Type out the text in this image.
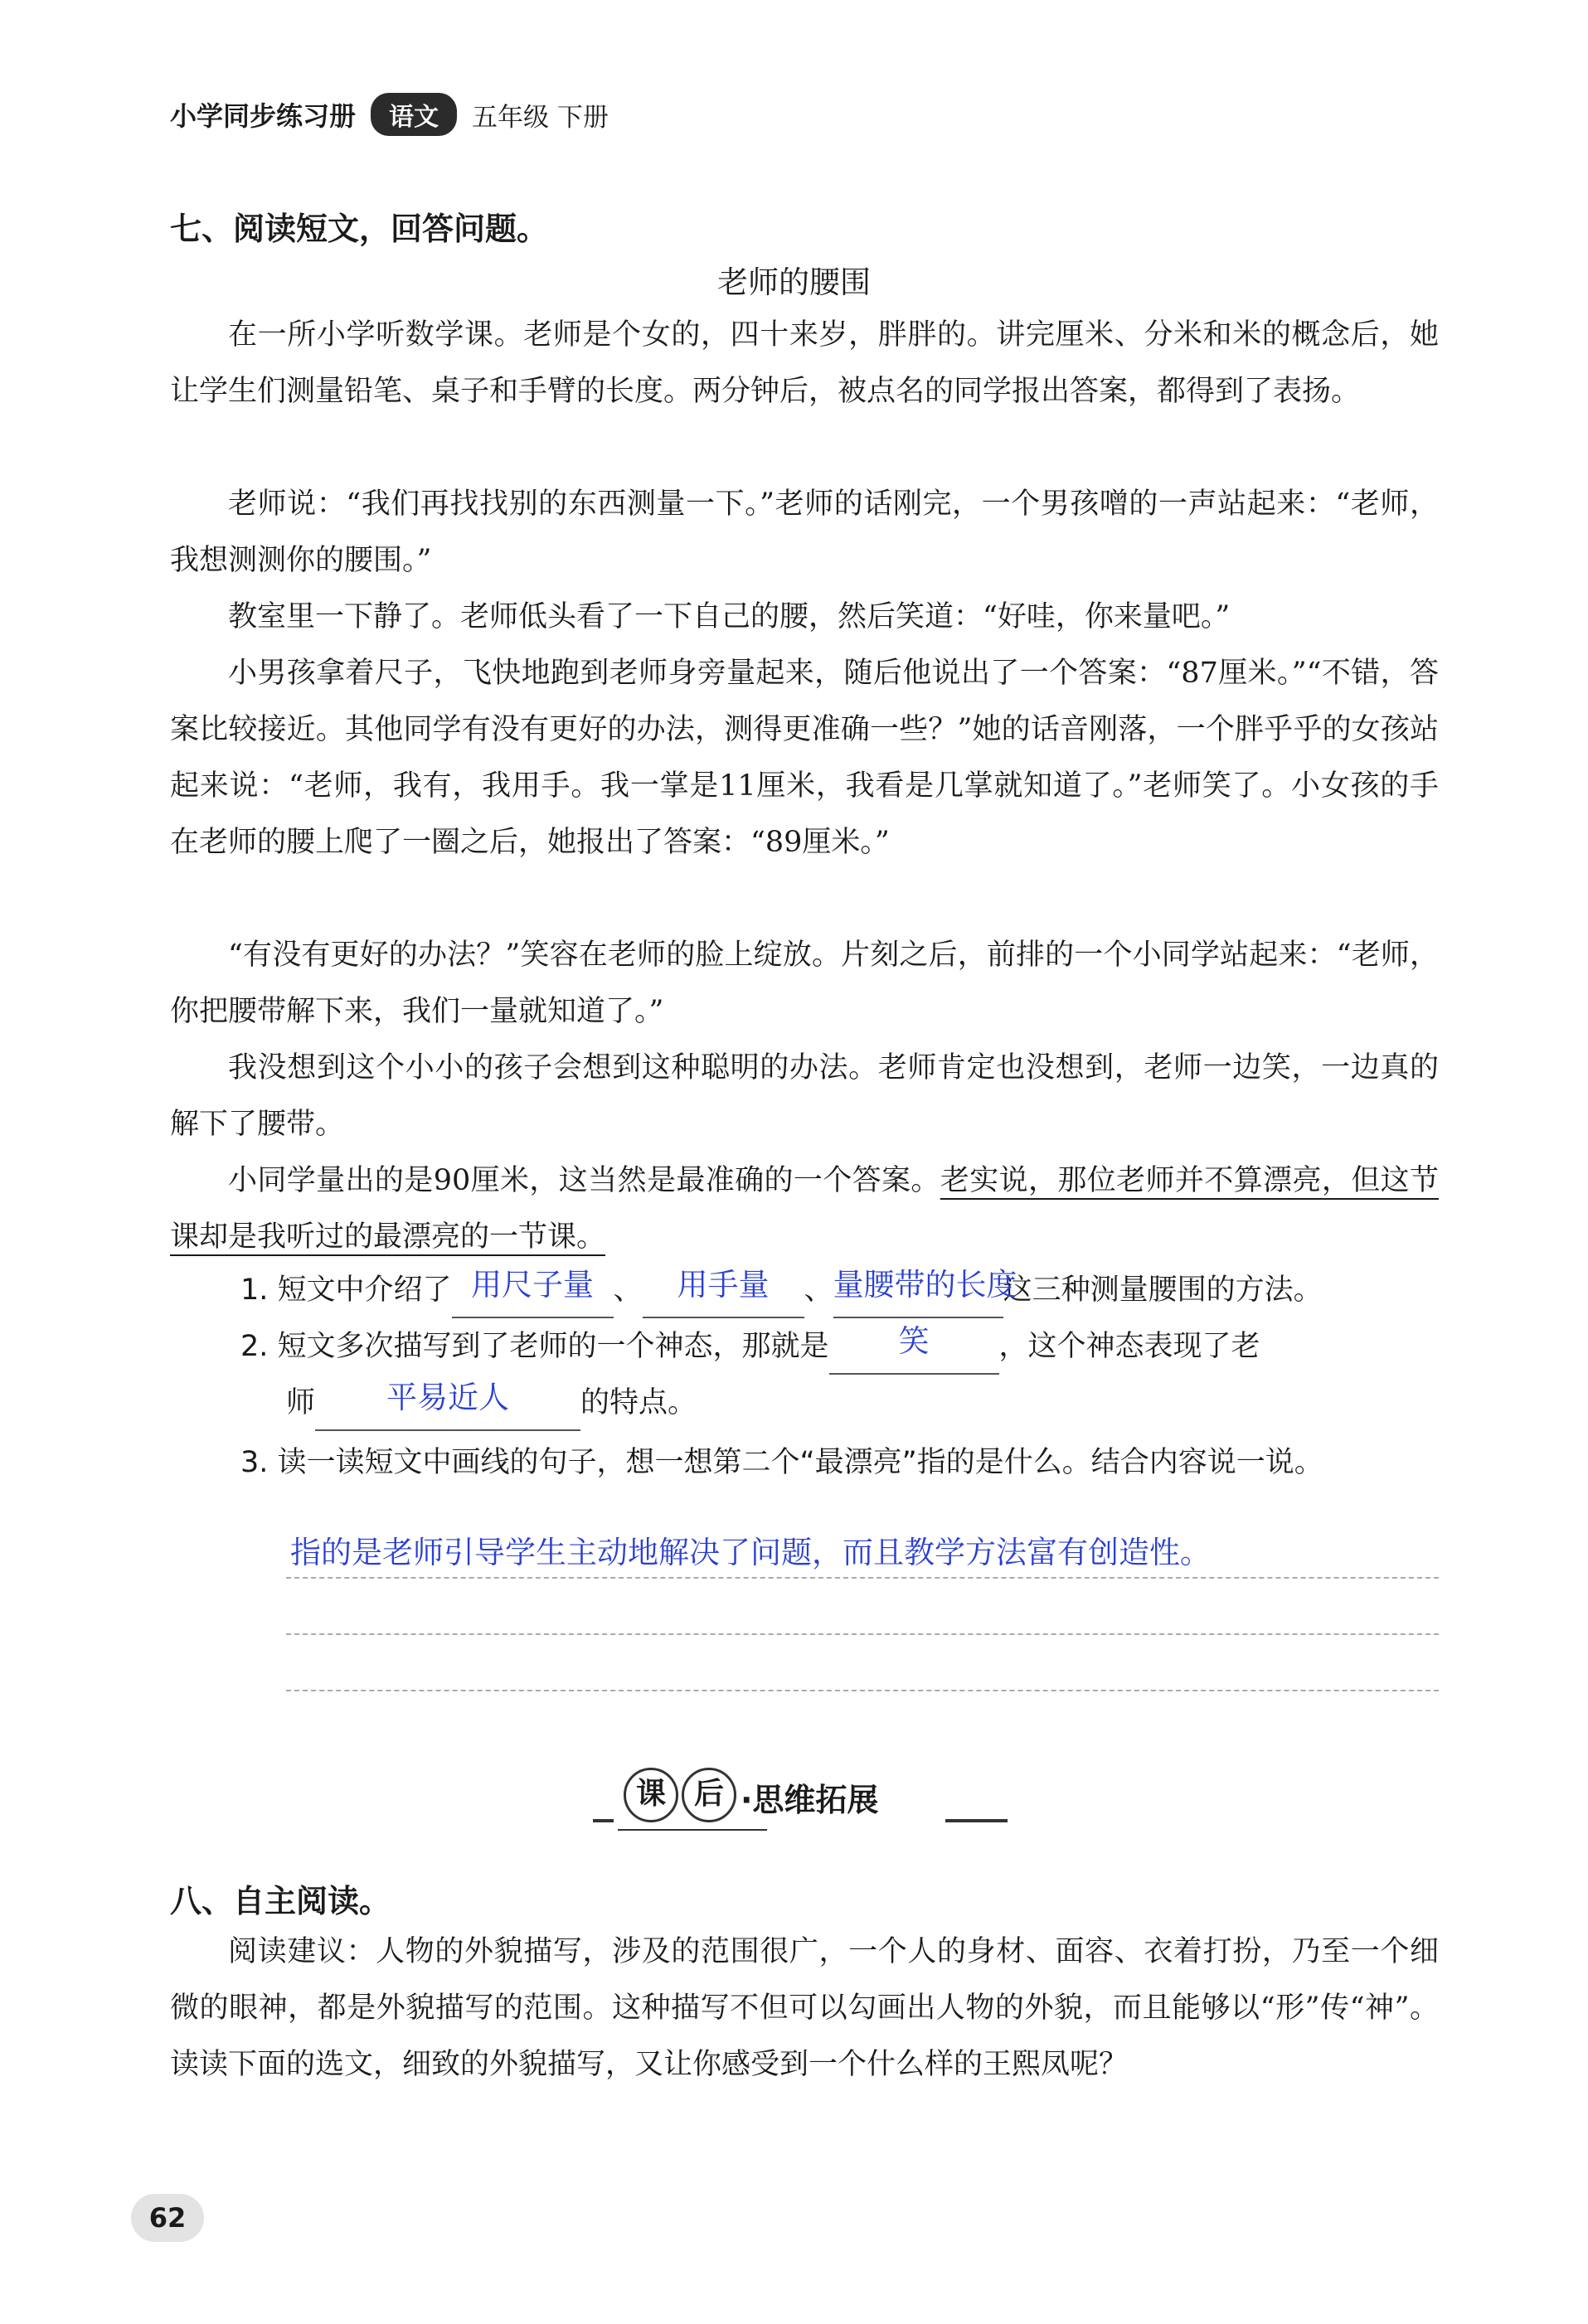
小学同步练习册	语文	五年级 下册
七、阅读短文，回答问题。
老师的腰围
在一所小学听数学课。老师是个女的，四十来岁，胖胖的。讲完厘米、分米和米的概念后，她让学生们测量铅笔、桌子和手臂的长度。两分钟后，被点名的同学报出答案，都得到了表扬。
老师说：“我们再找找别的东西测量一下。”老师的话刚完，一个男孩噌的一声站起来：“老师，我想测测你的腰围。”
教室里一下静了。老师低头看了一下自己的腰，然后笑道：“好哇，你来量吧。”
小男孩拿着尺子，飞快地跑到老师身旁量起来，随后他说出了一个答案：“87厘米。”“不错，答案比较接近。其他同学有没有更好的办法，测得更准确一些？”她的话音刚落，一个胖乎乎的女孩站起来说：“老师，我有，我用手。我一掌是11厘米，我看是几掌就知道了。”老师笑了。小女孩的手在老师的腰上爬了一圈之后，她报出了答案：“89厘米。”
“有没有更好的办法？”笑容在老师的脸上绽放。片刻之后，前排的一个小同学站起来：“老师，你把腰带解下来，我们一量就知道了。”
我没想到这个小小的孩子会想到这种聪明的办法。老师肯定也没想到，老师一边笑，一边真的解下了腰带。
小同学量出的是90厘米，这当然是最准确的一个答案。老实说，那位老师并不算漂亮，但这节课却是我听过的最漂亮的一节课。
1. 短文中介绍了 用尺子量 、	用手量	、 量腰带的长度
这三种测量腰围的方法。
2. 短文多次描写到了老师的一个神态，那就是	笑	，这个神态表现了老
师	平易近人	的特点。
3. 读一读短文中画线的句子，想一想第二个“最漂亮”指的是什么。结合内容说一说。
指的是老师引导学生主动地解决了问题，而且教学方法富有创造性。
课 后 ·思维拓展
八、自主阅读。
阅读建议：人物的外貌描写，涉及的范围很广，一个人的身材、面容、衣着打扮，乃至一个细微的眼神，都是外貌描写的范围。这种描写不但可以勾画出人物的外貌，而且能够以“形”传“神”。读读下面的选文，细致的外貌描写，又让你感受到一个什么样的王熙凤呢？
62
